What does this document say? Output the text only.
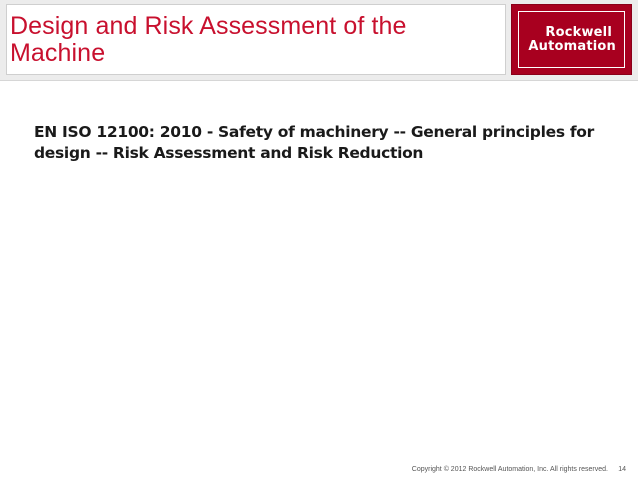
Design and Risk Assessment of the Machine
Rockwell
Automation

EN ISO 12100: 2010 - Safety of machinery -- General principles for design -- Risk Assessment and Risk Reduction

Copyright © 2012 Rockwell Automation, Inc. All rights reserved. 14
